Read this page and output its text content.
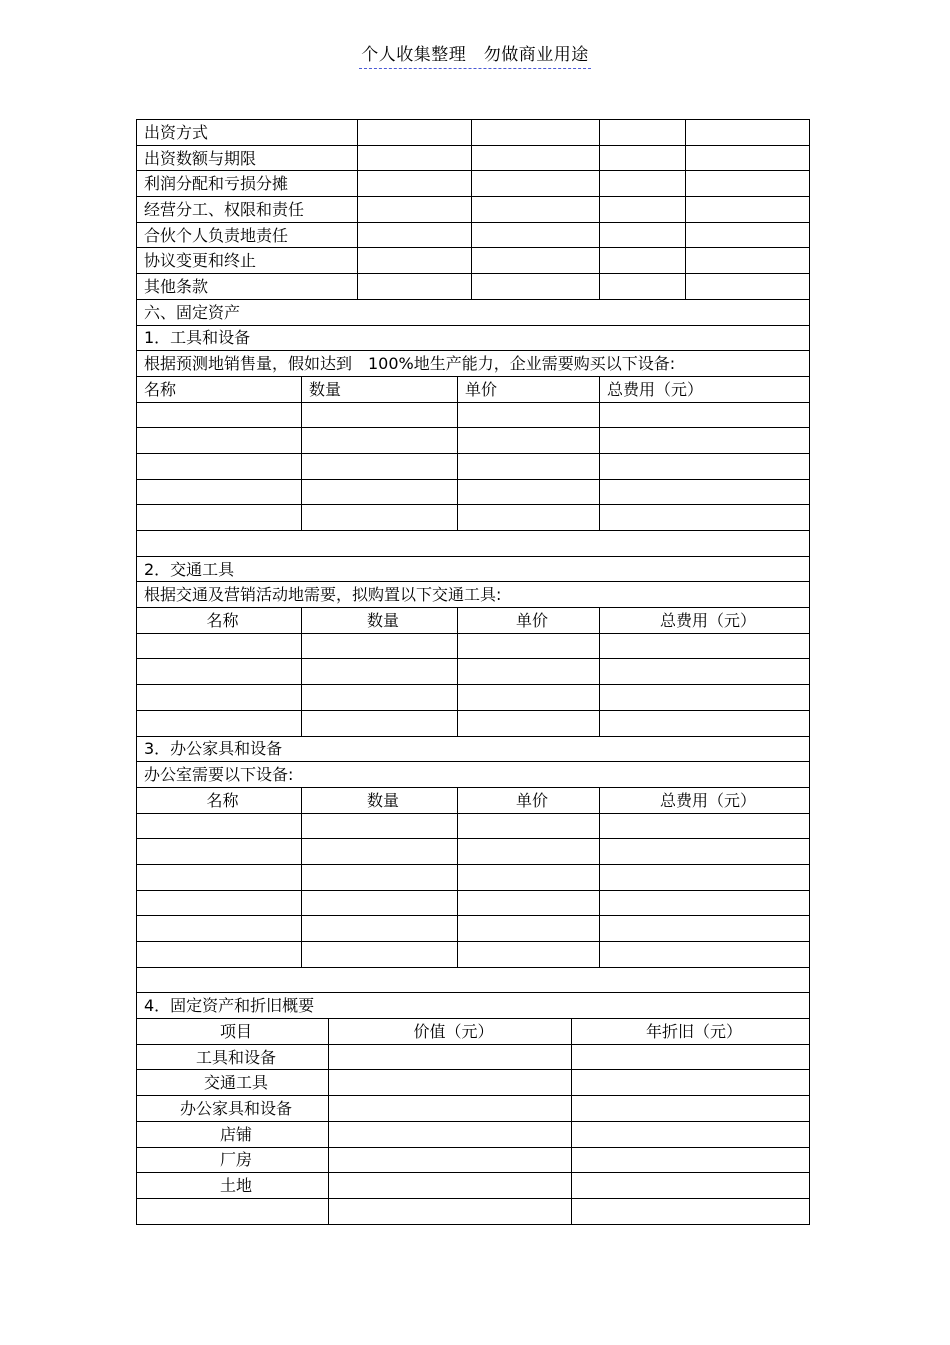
个人收集整理　勿做商业用途
出资方式								
出资数额与期限								
利润分配和亏损分摊								
经营分工、权限和责任								
合伙个人负责地责任								
协议变更和终止								
其他条款								
六、固定资产								
1．工具和设备								
根据预测地销售量，假如达到　100%地生产能力，企业需要购买以下设备:								
名称	数量			单价			总费用（元）	

2．交通工具								
根据交通及营销活动地需要，拟购置以下交通工具:								
名称	数量			单价			总费用（元）	

3．办公家具和设备								
办公室需要以下设备:								
名称	数量			单价			总费用（元）	

4．固定资产和折旧概要								
项目		价值（元）				年折旧（元）		
工具和设备								
交通工具								
办公家具和设备								
店铺								
厂房								
土地								
